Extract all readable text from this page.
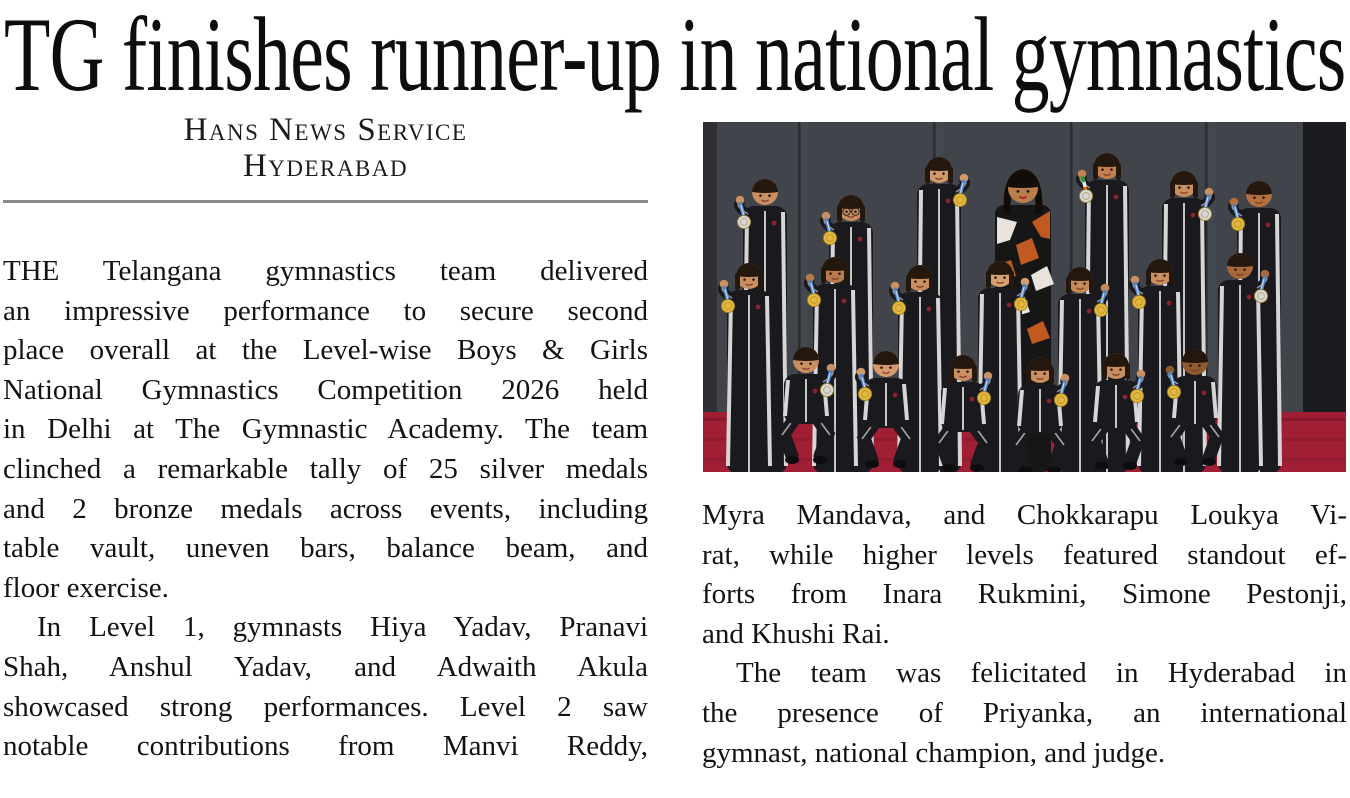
TG finishes runner-up in national gymnastics
Hans News Service
Hyderabad
THE Telangana gymnastics team delivered
an impressive performance to secure second
place overall at the Level-wise Boys & Girls
National Gymnastics Competition 2026 held
in Delhi at The Gymnastic Academy. The team
clinched a remarkable tally of 25 silver medals
and 2 bronze medals across events, including
table vault, uneven bars, balance beam, and
floor exercise.
In Level 1, gymnasts Hiya Yadav, Pranavi
Shah, Anshul Yadav, and Adwaith Akula
showcased strong performances. Level 2 saw
notable contributions from Manvi Reddy,
Myra Mandava, and Chokkarapu Loukya Vi-
rat, while higher levels featured standout ef-
forts from Inara Rukmini, Simone Pestonji,
and Khushi Rai.
The team was felicitated in Hyderabad in
the presence of Priyanka, an international
gymnast, national champion, and judge.
